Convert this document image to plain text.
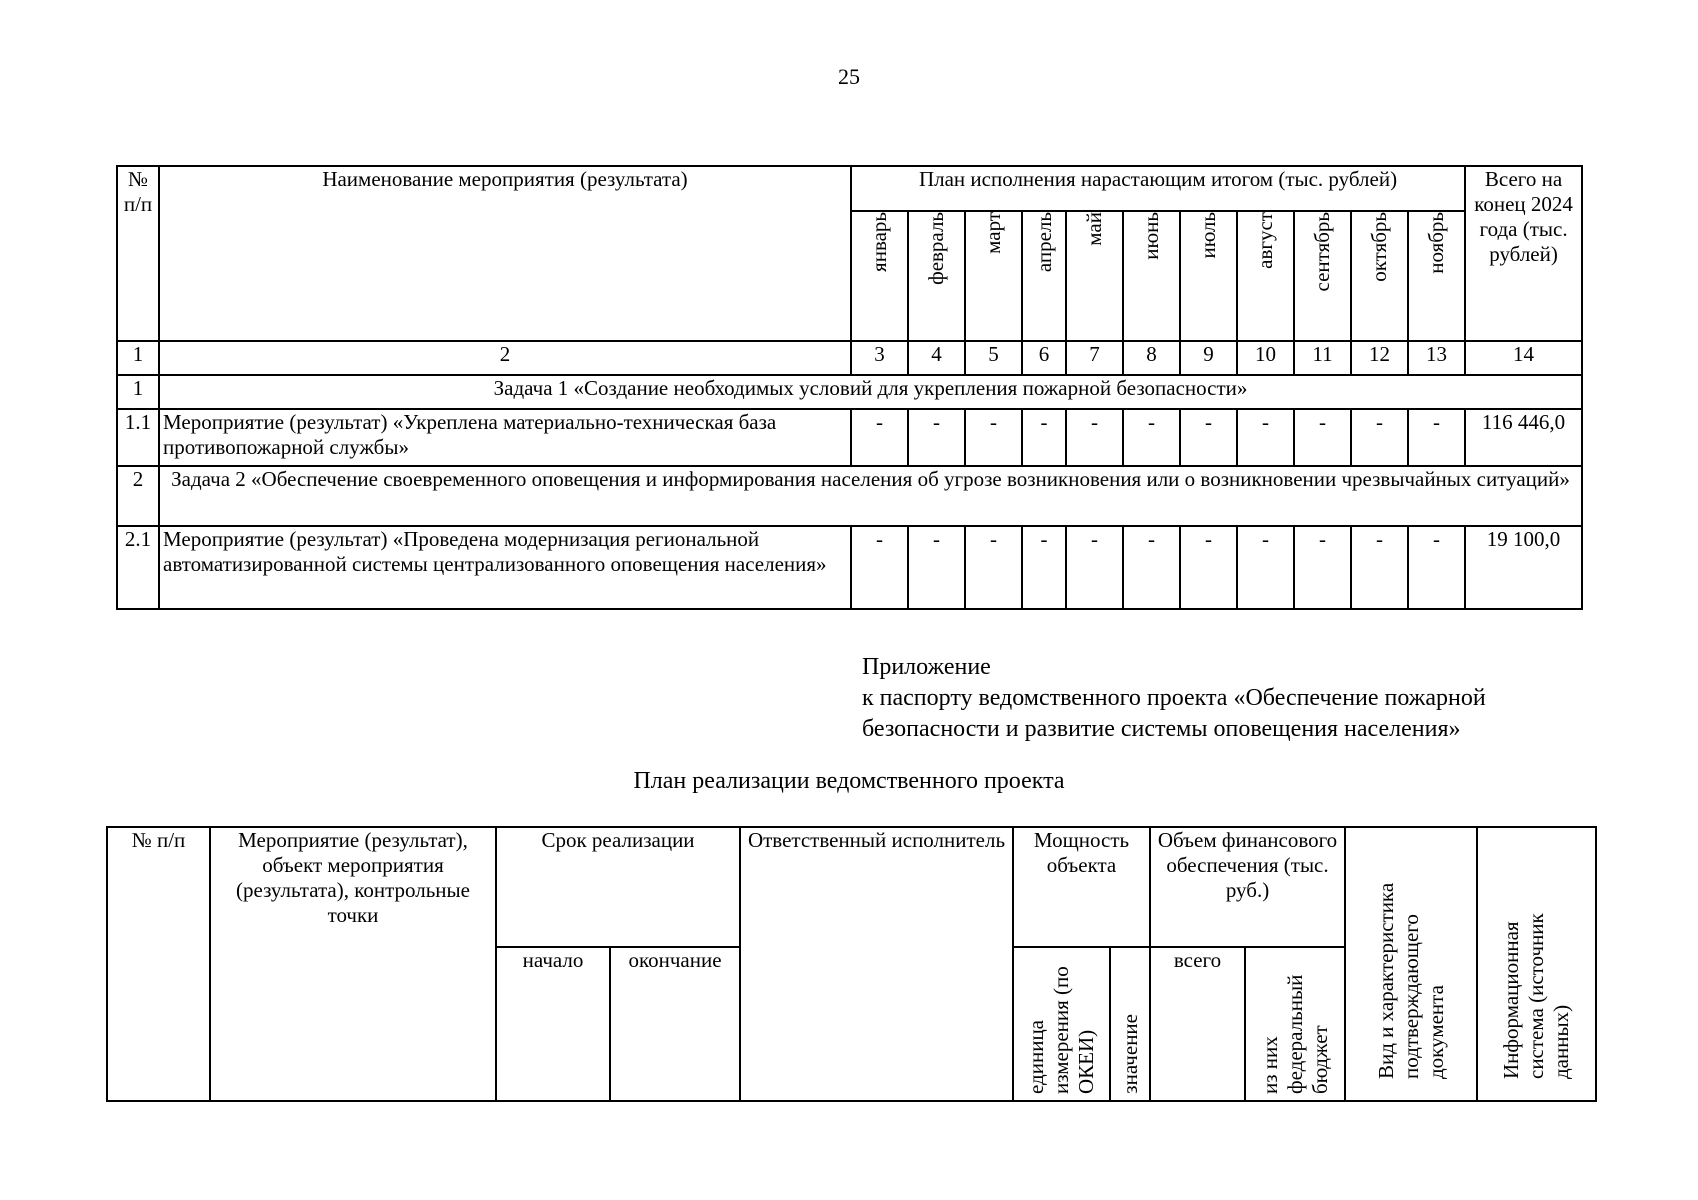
25
№ п/п	Наименование мероприятия (результата)	План исполнения нарастающим итогом (тыс. рублей)											Всего на конец 2024 года (тыс. рублей)

		январь	февраль	март	апрель	май	июнь	июль	август	сентябрь	октябрь	ноябрь	

1	2	3	4	5	6	7	8	9	10	11	12	13	14
1	Задача 1 «Создание необходимых условий для укрепления пожарной безопасности»												
1.1	Мероприятие (результат) «Укреплена материально-техническая база противопожарной службы»	-	-	-	-	-	-	-	-	-	-	-	116 446,0
2	Задача 2 «Обеспечение своевременного оповещения и информирования населения об угрозе возникновения или о возникновении чрезвычайных ситуаций»												
2.1	Мероприятие (результат) «Проведена модернизация региональной автоматизированной системы централизованного оповещения населения»	-	-	-	-	-	-	-	-	-	-	-	19 100,0
Приложение
к паспорту ведомственного проекта «Обеспечение пожарной
безопасности и развитие системы оповещения населения»
План реализации ведомственного проекта
№ п/п	Мероприятие (результат), объект мероприятия (результата), контрольные точки	Срок реализации		Ответственный исполнитель	Мощность объекта		Объем финансового обеспечения (тыс. руб.)		Вид и характеристика подтверждающего документа	Информационная система (источник данных)

		начало	окончание		единица измерения (по ОКЕИ)	значение	всего	из них федеральный бюджет		
